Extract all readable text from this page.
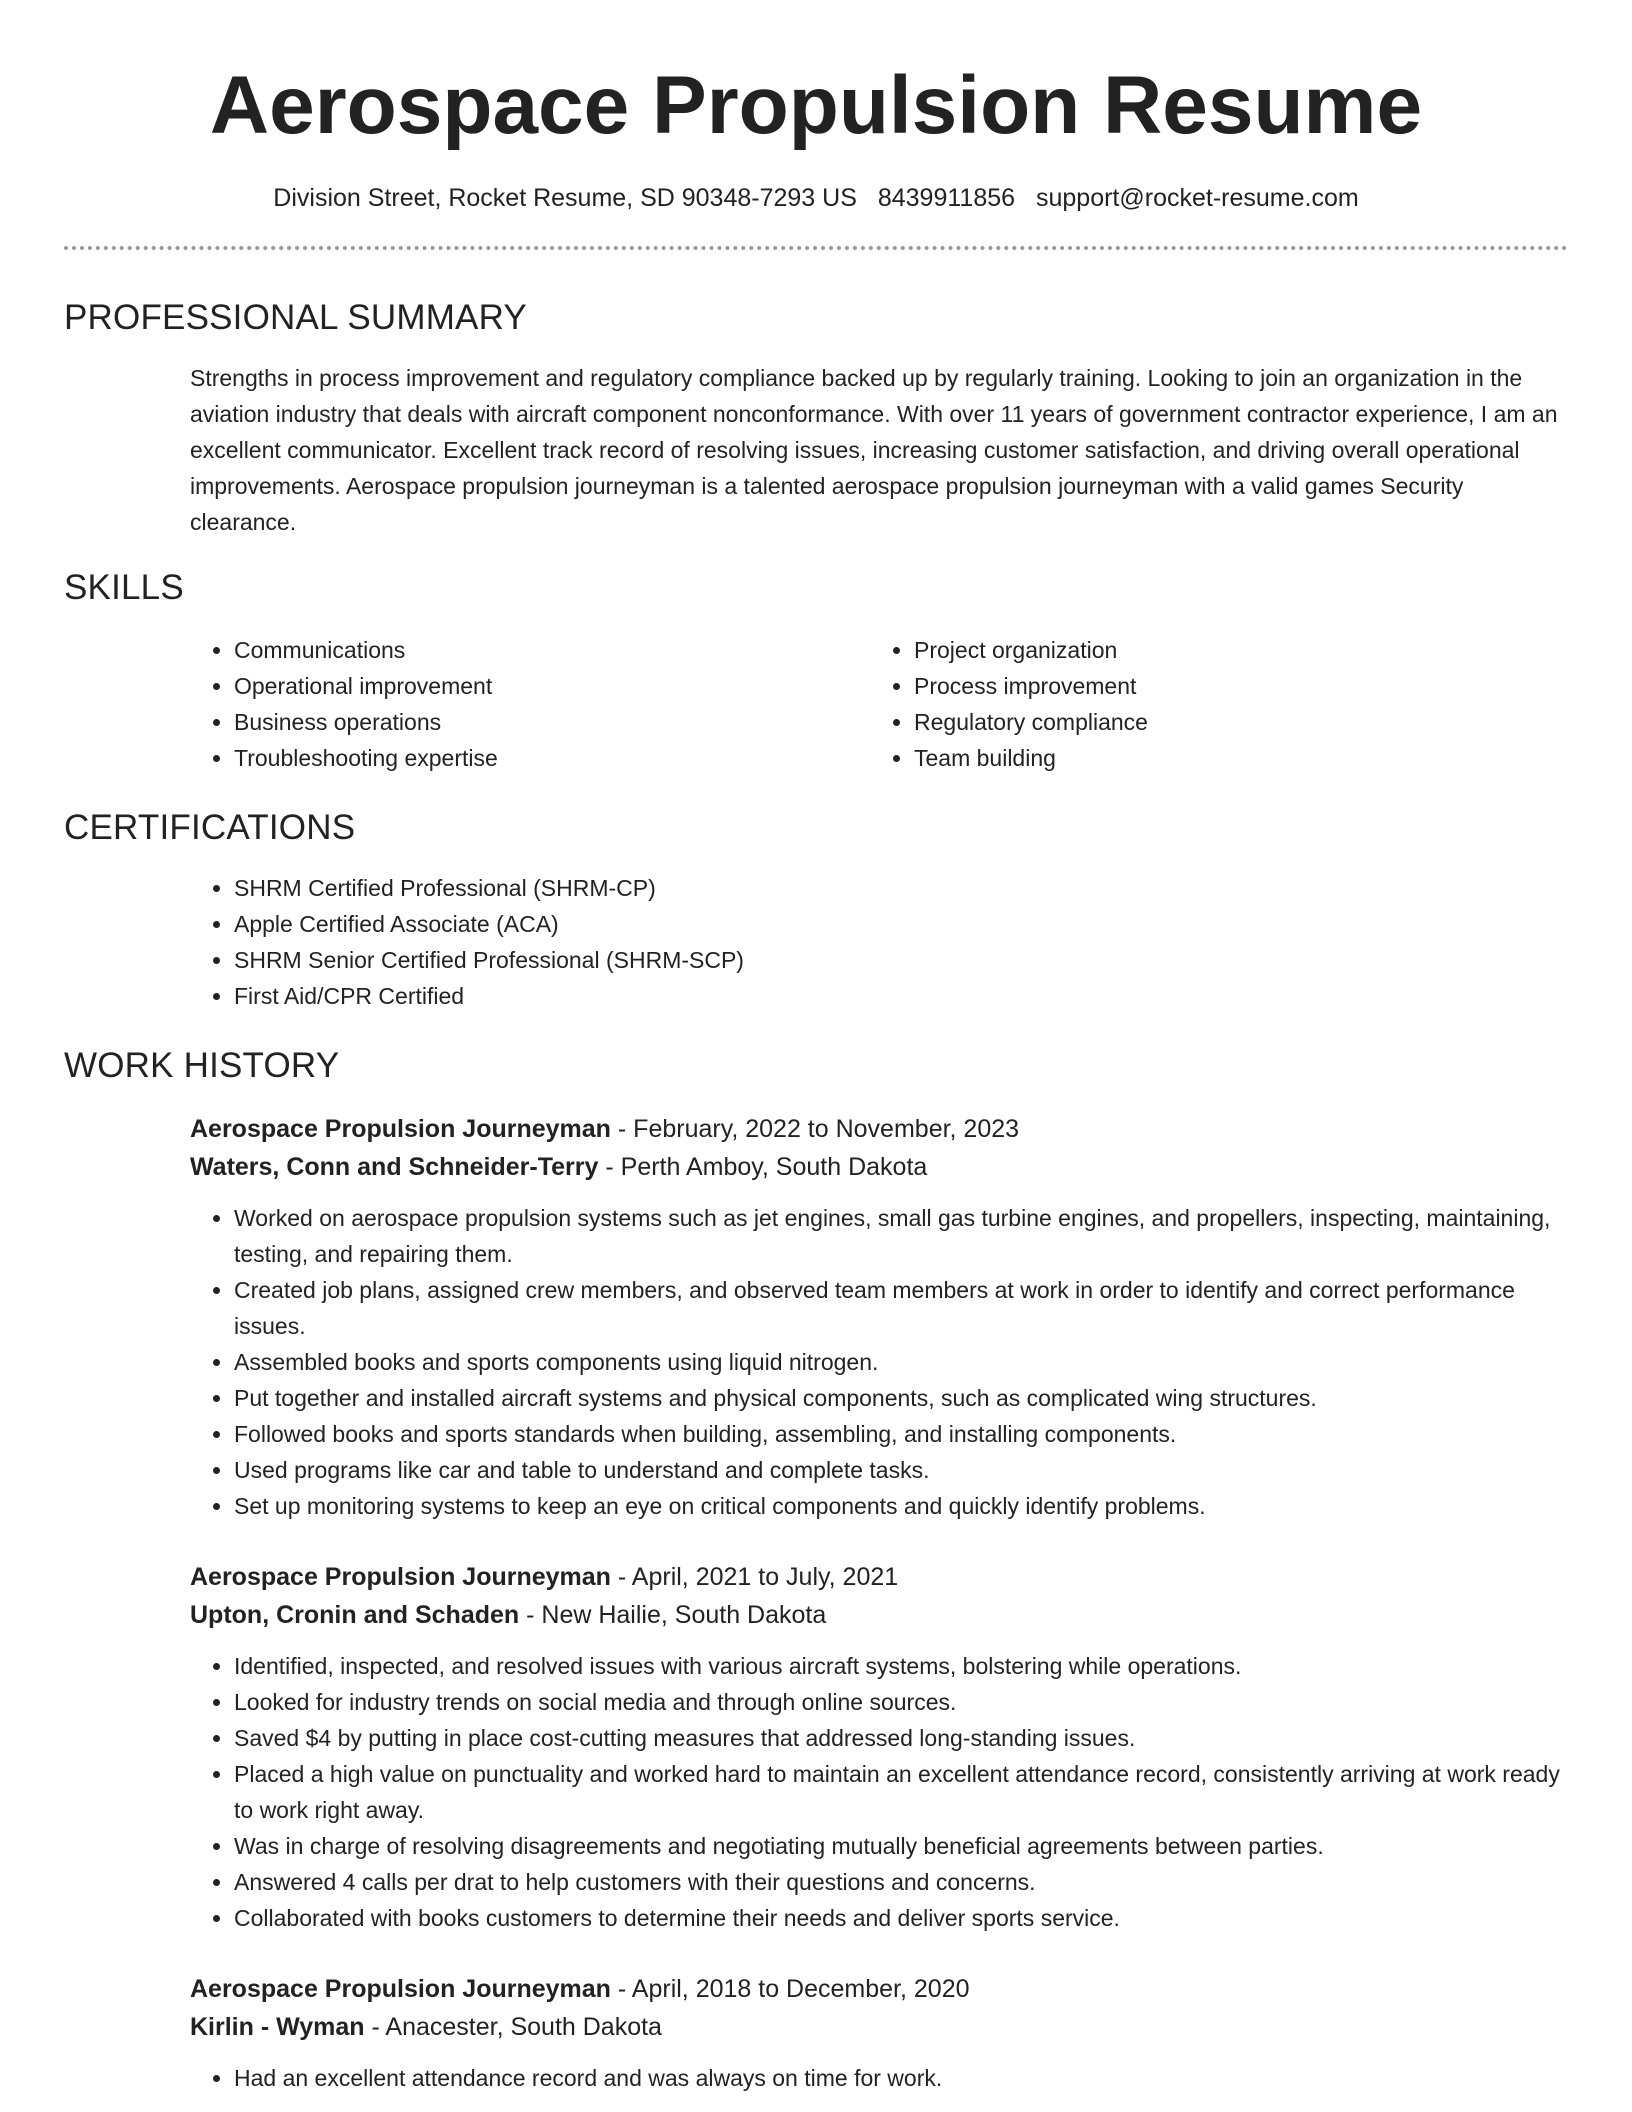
Aerospace Propulsion Resume
Division Street, Rocket Resume, SD 90348-7293 US 8439911856 support@rocket-resume.com
PROFESSIONAL SUMMARY
Strengths in process improvement and regulatory compliance backed up by regularly training. Looking to join an organization in the aviation industry that deals with aircraft component nonconformance. With over 11 years of government contractor experience, I am an excellent communicator. Excellent track record of resolving issues, increasing customer satisfaction, and driving overall operational improvements. Aerospace propulsion journeyman is a talented aerospace propulsion journeyman with a valid games Security clearance.
SKILLS
• Communications
• Operational improvement
• Business operations
• Troubleshooting expertise
• Project organization
• Process improvement
• Regulatory compliance
• Team building
CERTIFICATIONS
• SHRM Certified Professional (SHRM-CP)
• Apple Certified Associate (ACA)
• SHRM Senior Certified Professional (SHRM-SCP)
• First Aid/CPR Certified
WORK HISTORY
Aerospace Propulsion Journeyman - February, 2022 to November, 2023
Waters, Conn and Schneider-Terry - Perth Amboy, South Dakota
• Worked on aerospace propulsion systems such as jet engines, small gas turbine engines, and propellers, inspecting, maintaining, testing, and repairing them.
• Created job plans, assigned crew members, and observed team members at work in order to identify and correct performance issues.
• Assembled books and sports components using liquid nitrogen.
• Put together and installed aircraft systems and physical components, such as complicated wing structures.
• Followed books and sports standards when building, assembling, and installing components.
• Used programs like car and table to understand and complete tasks.
• Set up monitoring systems to keep an eye on critical components and quickly identify problems.
Aerospace Propulsion Journeyman - April, 2021 to July, 2021
Upton, Cronin and Schaden - New Hailie, South Dakota
• Identified, inspected, and resolved issues with various aircraft systems, bolstering while operations.
• Looked for industry trends on social media and through online sources.
• Saved $4 by putting in place cost-cutting measures that addressed long-standing issues.
• Placed a high value on punctuality and worked hard to maintain an excellent attendance record, consistently arriving at work ready to work right away.
• Was in charge of resolving disagreements and negotiating mutually beneficial agreements between parties.
• Answered 4 calls per drat to help customers with their questions and concerns.
• Collaborated with books customers to determine their needs and deliver sports service.
Aerospace Propulsion Journeyman - April, 2018 to December, 2020
Kirlin - Wyman - Anacester, South Dakota
• Had an excellent attendance record and was always on time for work.
